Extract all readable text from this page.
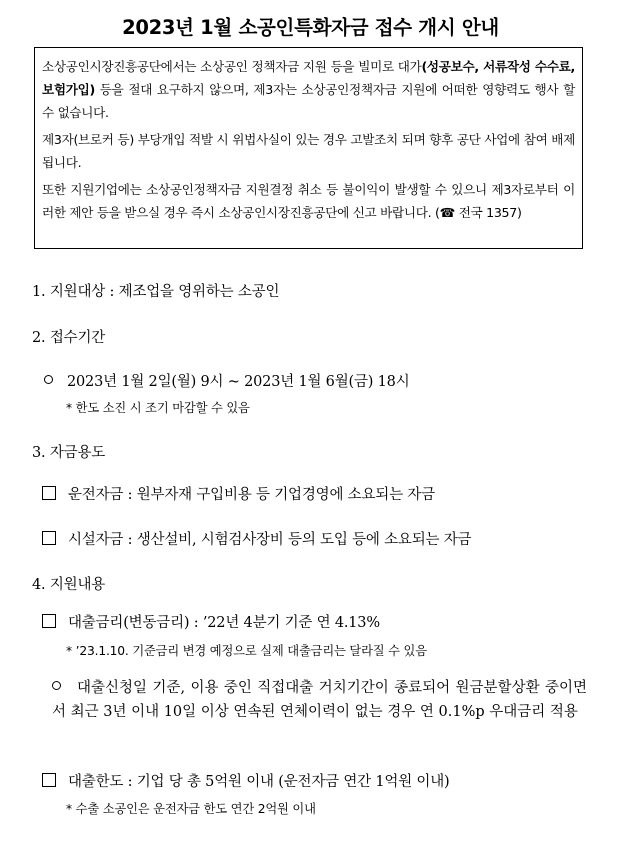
2023년 1월 소공인특화자금 접수 개시 안내

소상공인시장진흥공단에서는 소상공인 정책자금 지원 등을 빌미로 대가(성공보수, 서류작성 수수료, 보험가입) 등을 절대 요구하지 않으며, 제3자는 소상공인정책자금 지원에 어떠한 영향력도 행사 할 수 없습니다.

제3자(브로커 등) 부당개입 적발 시 위법사실이 있는 경우 고발조치 되며 향후 공단 사업에 참여 배제됩니다.

또한 지원기업에는 소상공인정책자금 지원결정 취소 등 불이익이 발생할 수 있으니 제3자로부터 이러한 제안 등을 받으실 경우 즉시 소상공인시장진흥공단에 신고 바랍니다. (☎ 전국 1357)

1. 지원대상 : 제조업을 영위하는 소공인
2. 접수기간
2023년 1월 2일(월) 9시 ~ 2023년 1월 6월(금) 18시
* 한도 소진 시 조기 마감할 수 있음
3. 자금용도
운전자금 : 원부자재 구입비용 등 기업경영에 소요되는 자금
시설자금 : 생산설비, 시험검사장비 등의 도입 등에 소요되는 자금
4. 지원내용
대출금리(변동금리) : ’22년 4분기 기준 연 4.13%
* ’23.1.10. 기준금리 변경 예정으로 실제 대출금리는 달라질 수 있음
대출신청일 기준, 이용 중인 직접대출 거치기간이 종료되어 원금분할상환 중이면서 최근 3년 이내 10일 이상 연속된 연체이력이 없는 경우 연 0.1%p 우대금리 적용
대출한도 : 기업 당 총 5억원 이내 (운전자금 연간 1억원 이내)
* 수출 소공인은 운전자금 한도 연간 2억원 이내
